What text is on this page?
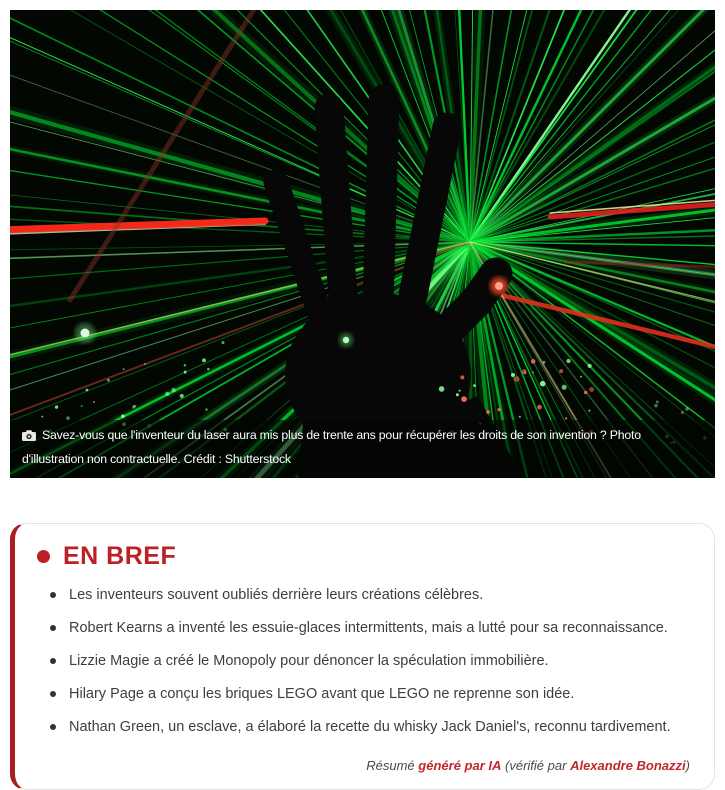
Savez-vous que l'inventeur du laser aura mis plus de trente ans pour récupérer les droits de son invention ? Photo d'illustration non contractuelle. Crédit : Shutterstock
EN BREF
Les inventeurs souvent oubliés derrière leurs créations célèbres.
Robert Kearns a inventé les essuie-glaces intermittents, mais a lutté pour sa reconnaissance.
Lizzie Magie a créé le Monopoly pour dénoncer la spéculation immobilière.
Hilary Page a conçu les briques LEGO avant que LEGO ne reprenne son idée.
Nathan Green, un esclave, a élaboré la recette du whisky Jack Daniel's, reconnu tardivement.
Résumé généré par IA (vérifié par Alexandre Bonazzi)
